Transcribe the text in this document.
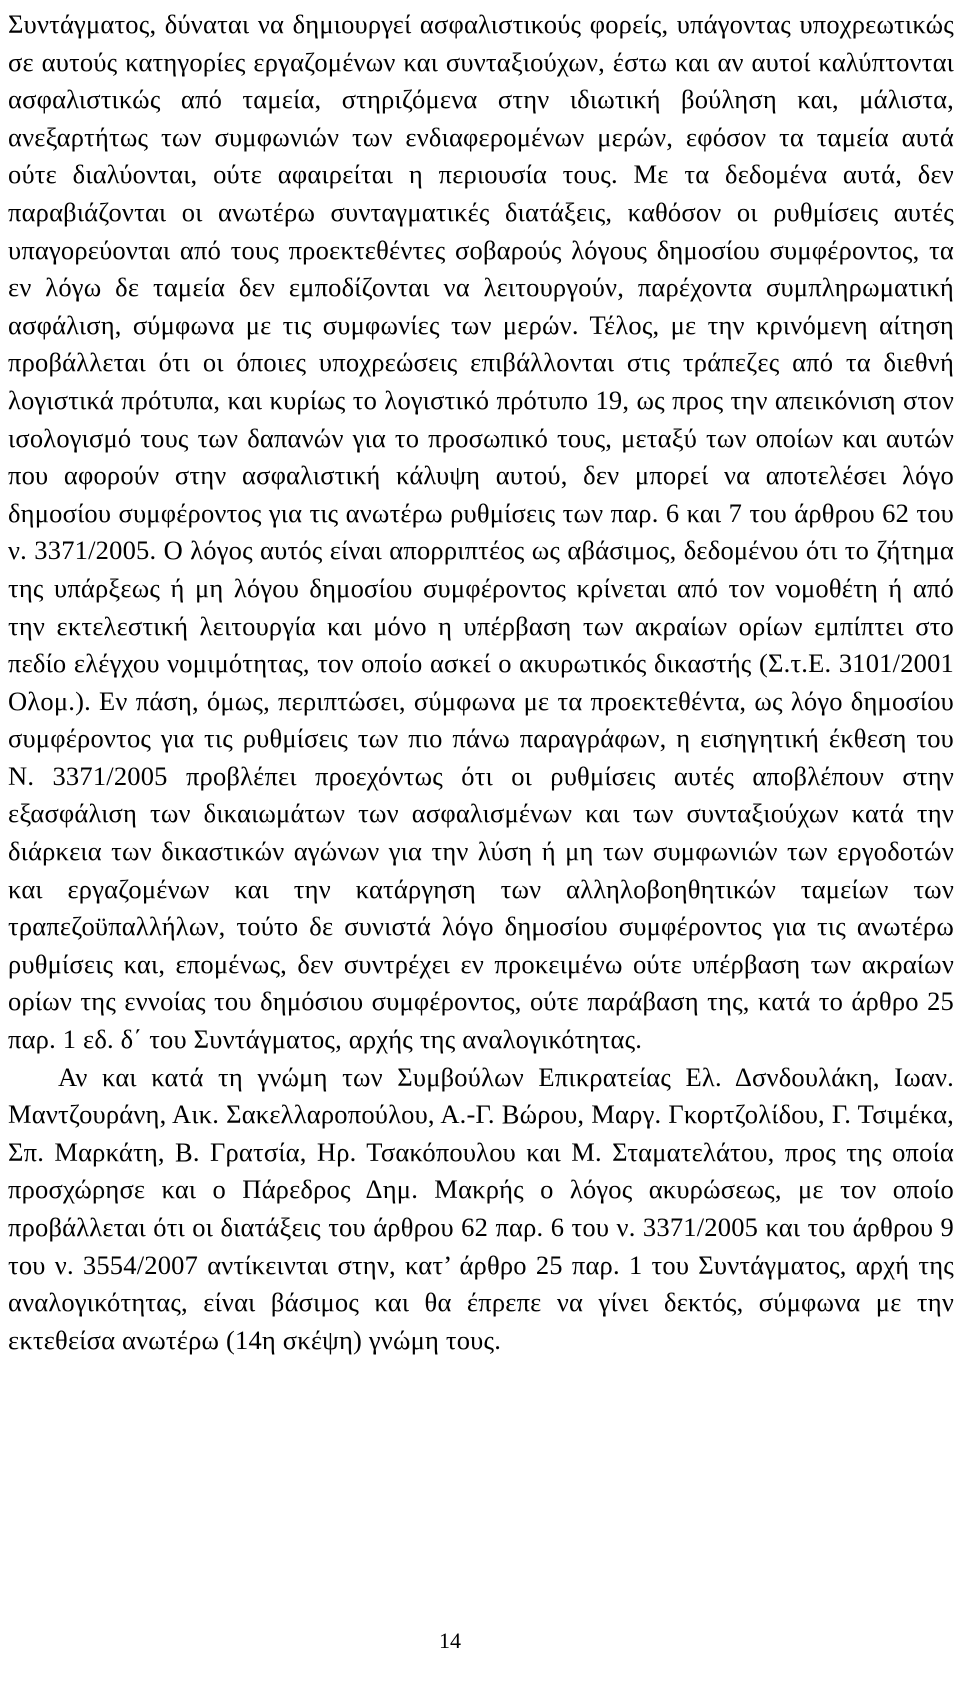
Συντάγματος, δύναται να δημιουργεί ασφαλιστικούς φορείς, υπάγοντας υποχρεωτικώς σε αυτούς κατηγορίες εργαζομένων και συνταξιούχων, έστω και αν αυτοί καλύπτονται ασφαλιστικώς από ταμεία, στηριζόμενα στην ιδιωτική βούληση και, μάλιστα, ανεξαρτήτως των συμφωνιών των ενδιαφερομένων μερών, εφόσον τα ταμεία αυτά ούτε διαλύονται, ούτε αφαιρείται η περιουσία τους. Με τα δεδομένα αυτά, δεν παραβιάζονται οι ανωτέρω συνταγματικές διατάξεις, καθόσον οι ρυθμίσεις αυτές υπαγορεύονται από τους προεκτεθέντες σοβαρούς λόγους δημοσίου συμφέροντος, τα εν λόγω δε ταμεία δεν εμποδίζονται να λειτουργούν, παρέχοντα συμπληρωματική ασφάλιση, σύμφωνα με τις συμφωνίες των μερών. Τέλος, με την κρινόμενη αίτηση προβάλλεται ότι οι όποιες υποχρεώσεις επιβάλλονται στις τράπεζες από τα διεθνή λογιστικά πρότυπα, και κυρίως το λογιστικό πρότυπο 19, ως προς την απεικόνιση στον ισολογισμό τους των δαπανών για το προσωπικό τους, μεταξύ των οποίων και αυτών που αφορούν στην ασφαλιστική κάλυψη αυτού, δεν μπορεί να αποτελέσει λόγο δημοσίου συμφέροντος για τις ανωτέρω ρυθμίσεις των παρ. 6 και 7 του άρθρου 62 του ν. 3371/2005. Ο λόγος αυτός είναι απορριπτέος ως αβάσιμος, δεδομένου ότι το ζήτημα της υπάρξεως ή μη λόγου δημοσίου συμφέροντος κρίνεται από τον νομοθέτη ή από την εκτελεστική λειτουργία και μόνο η υπέρβαση των ακραίων ορίων εμπίπτει στο πεδίο ελέγχου νομιμότητας, τον οποίο ασκεί ο ακυρωτικός δικαστής (Σ.τ.Ε. 3101/2001 Ολομ.). Εν πάση, όμως, περιπτώσει, σύμφωνα με τα προεκτεθέντα, ως λόγο δημοσίου συμφέροντος για τις ρυθμίσεις των πιο πάνω παραγράφων, η εισηγητική έκθεση του Ν. 3371/2005 προβλέπει προεχόντως ότι οι ρυθμίσεις αυτές αποβλέπουν στην εξασφάλιση των δικαιωμάτων των ασφαλισμένων και των συνταξιούχων κατά την διάρκεια των δικαστικών αγώνων για την λύση ή μη των συμφωνιών των εργοδοτών και εργαζομένων και την κατάργηση των αλληλοβοηθητικών ταμείων των τραπεζοϋπαλλήλων, τούτο δε συνιστά λόγο δημοσίου συμφέροντος για τις ανωτέρω ρυθμίσεις και, επομένως, δεν συντρέχει εν προκειμένω ούτε υπέρβαση των ακραίων ορίων της εννοίας του δημόσιου συμφέροντος, ούτε παράβαση της, κατά το άρθρο 25 παρ. 1 εδ. δ΄ του Συντάγματος, αρχής της αναλογικότητας.

Αν και κατά τη γνώμη των Συμβούλων Επικρατείας Ελ. Δσνδουλάκη, Ιωαν. Μαντζουράνη, Αικ. Σακελλαροπούλου, Α.-Γ. Βώρου, Μαργ. Γκορτζολίδου, Γ. Τσιμέκα, Σπ. Μαρκάτη, Β. Γρατσία, Ηρ. Τσακόπουλου και Μ. Σταματελάτου, προς της οποία προσχώρησε και ο Πάρεδρος Δημ. Μακρής ο λόγος ακυρώσεως, με τον οποίο προβάλλεται ότι οι διατάξεις του άρθρου 62 παρ. 6 του ν. 3371/2005 και του άρθρου 9 του ν. 3554/2007 αντίκεινται στην, κατ’ άρθρο 25 παρ. 1 του Συντάγματος, αρχή της αναλογικότητας, είναι βάσιμος και θα έπρεπε να γίνει δεκτός, σύμφωνα με την εκτεθείσα ανωτέρω (14η σκέψη) γνώμη τους.

14
